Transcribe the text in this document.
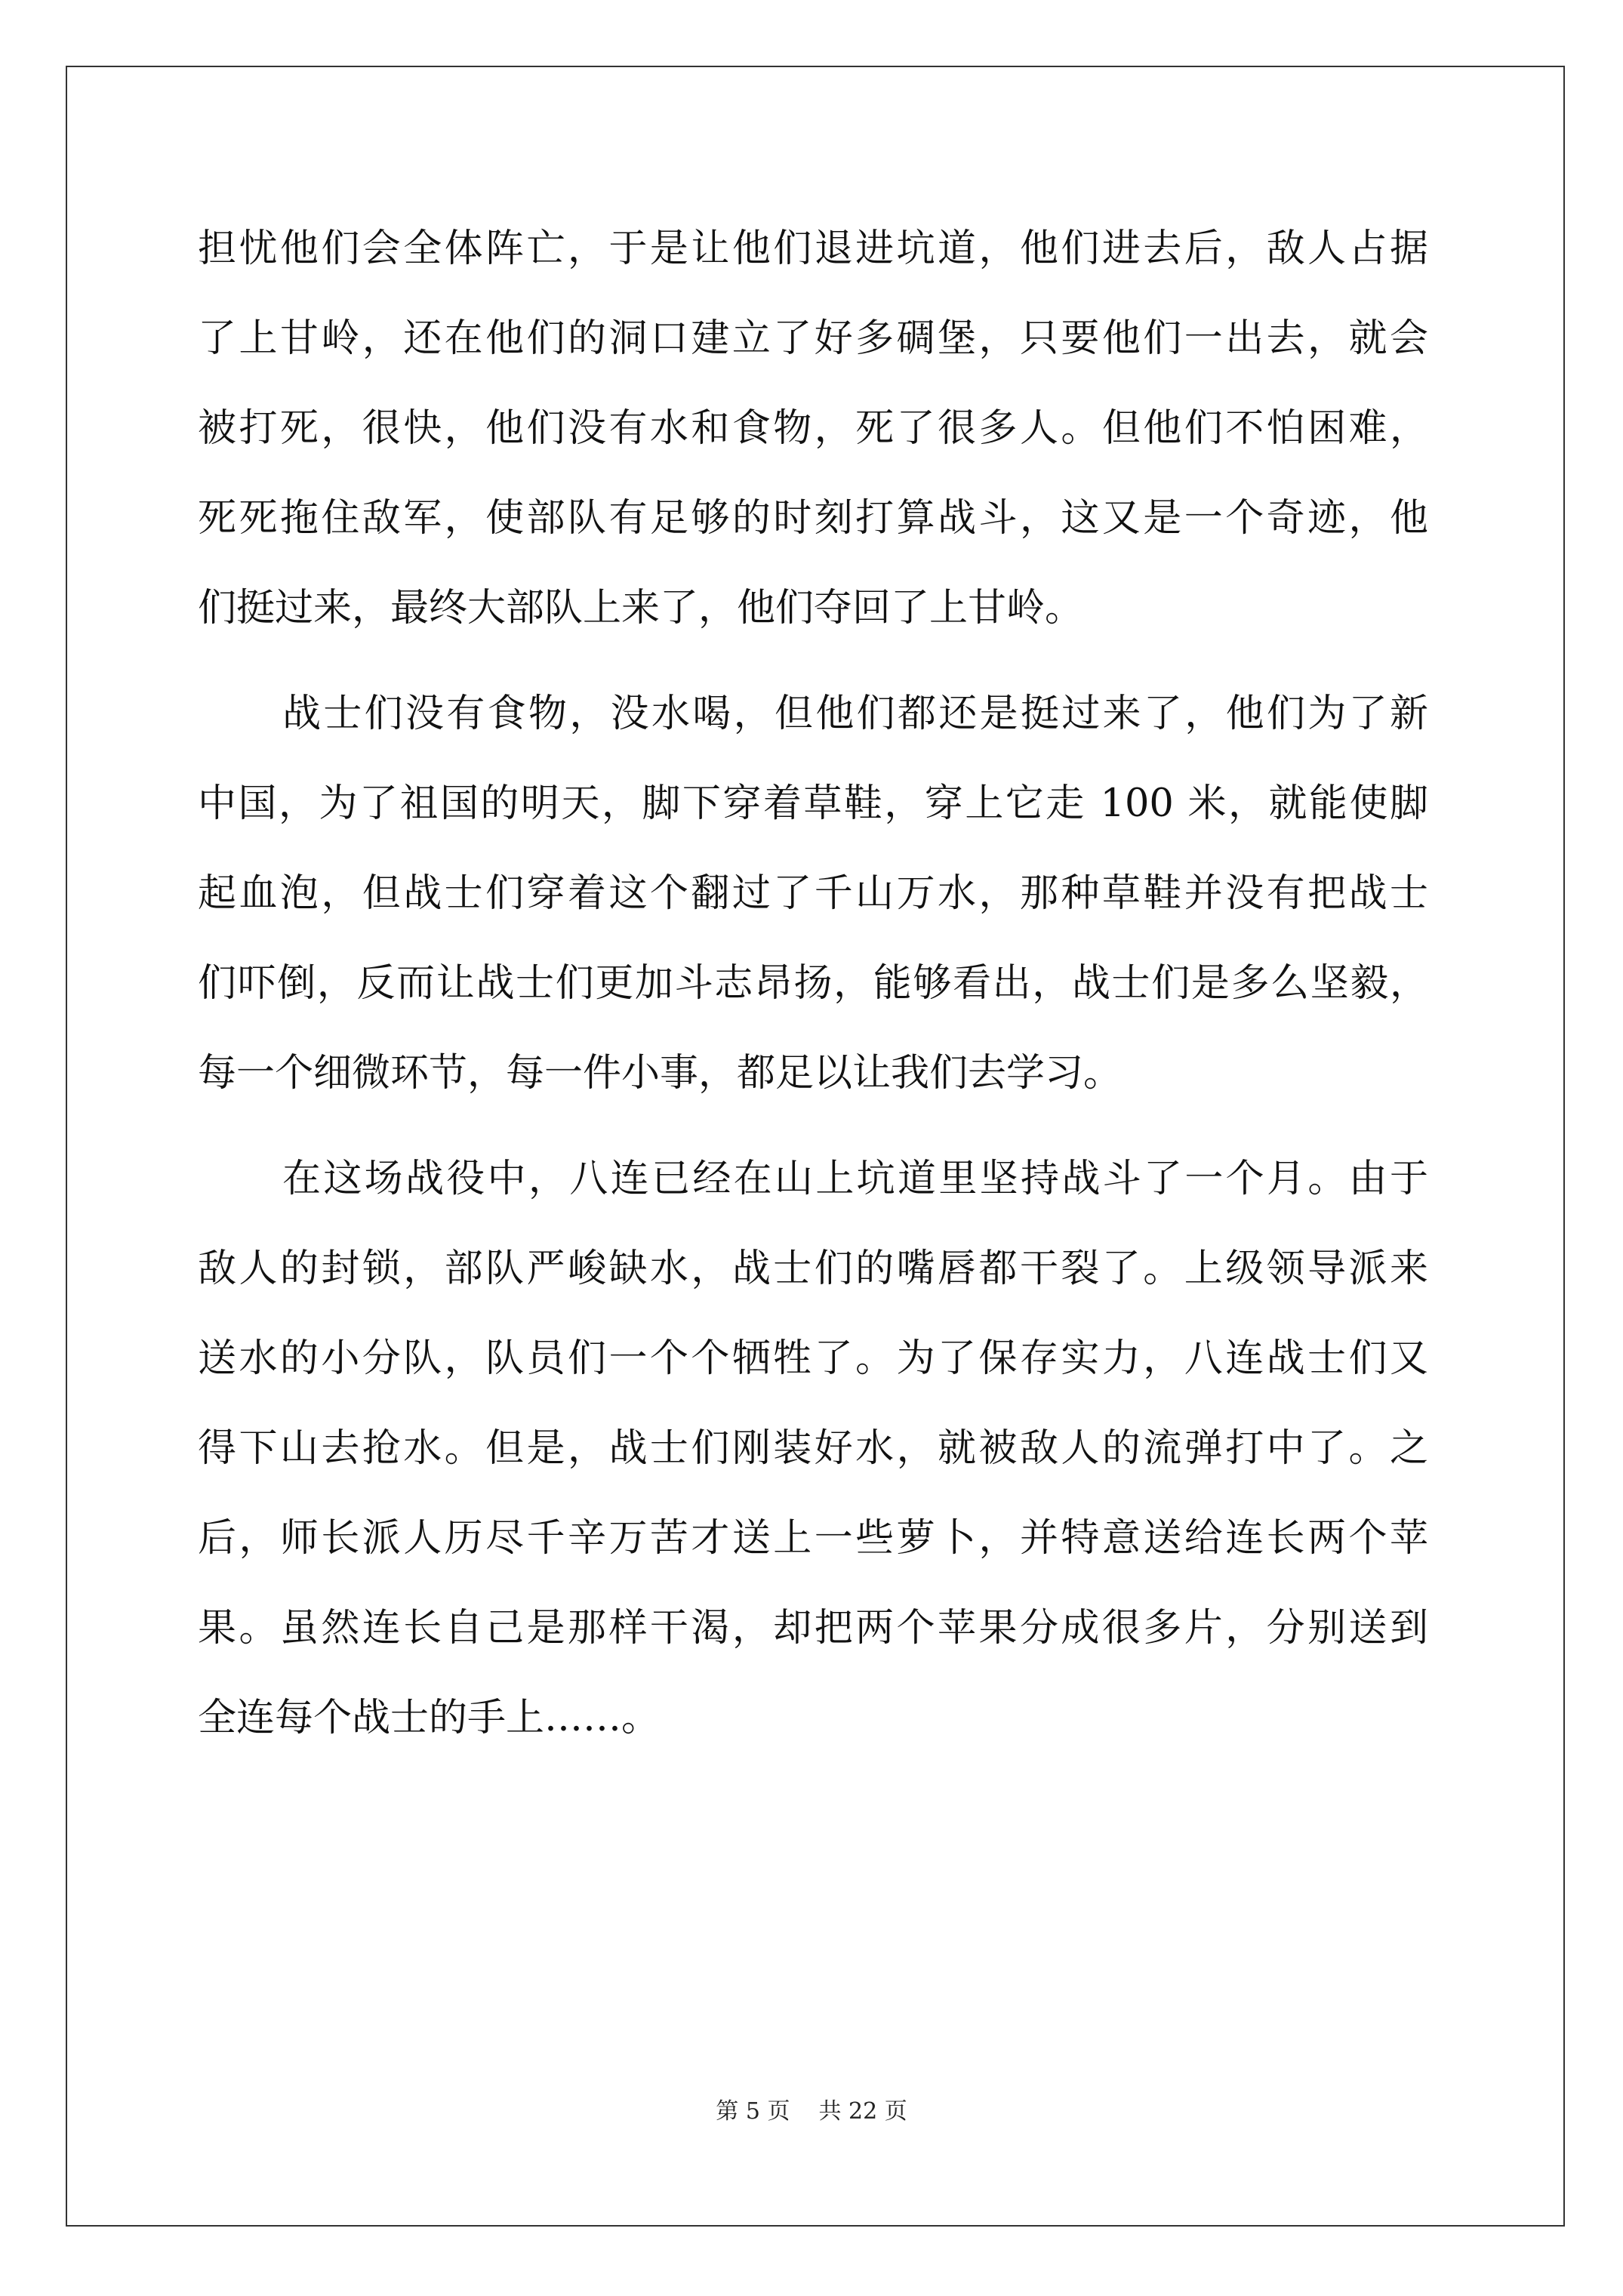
担忧他们会全体阵亡，于是让他们退进坑道，他们进去后，敌人占据
了上甘岭，还在他们的洞口建立了好多碉堡，只要他们一出去，就会
被打死，很快，他们没有水和食物，死了很多人。但他们不怕困难，
死死拖住敌军，使部队有足够的时刻打算战斗，这又是一个奇迹，他
们挺过来，最终大部队上来了，他们夺回了上甘岭。
战士们没有食物，没水喝，但他们都还是挺过来了，他们为了新
中国，为了祖国的明天，脚下穿着草鞋，穿上它走 100 米，就能使脚
起血泡，但战士们穿着这个翻过了千山万水，那种草鞋并没有把战士
们吓倒，反而让战士们更加斗志昂扬，能够看出，战士们是多么坚毅，
每一个细微环节，每一件小事，都足以让我们去学习。
在这场战役中，八连已经在山上坑道里坚持战斗了一个月。由于
敌人的封锁，部队严峻缺水，战士们的嘴唇都干裂了。上级领导派来
送水的小分队，队员们一个个牺牲了。为了保存实力，八连战士们又
得下山去抢水。但是，战士们刚装好水，就被敌人的流弹打中了。之
后，师长派人历尽千辛万苦才送上一些萝卜，并特意送给连长两个苹
果。虽然连长自己是那样干渴，却把两个苹果分成很多片，分别送到
全连每个战士的手上……。
第 5 页 共 22 页
